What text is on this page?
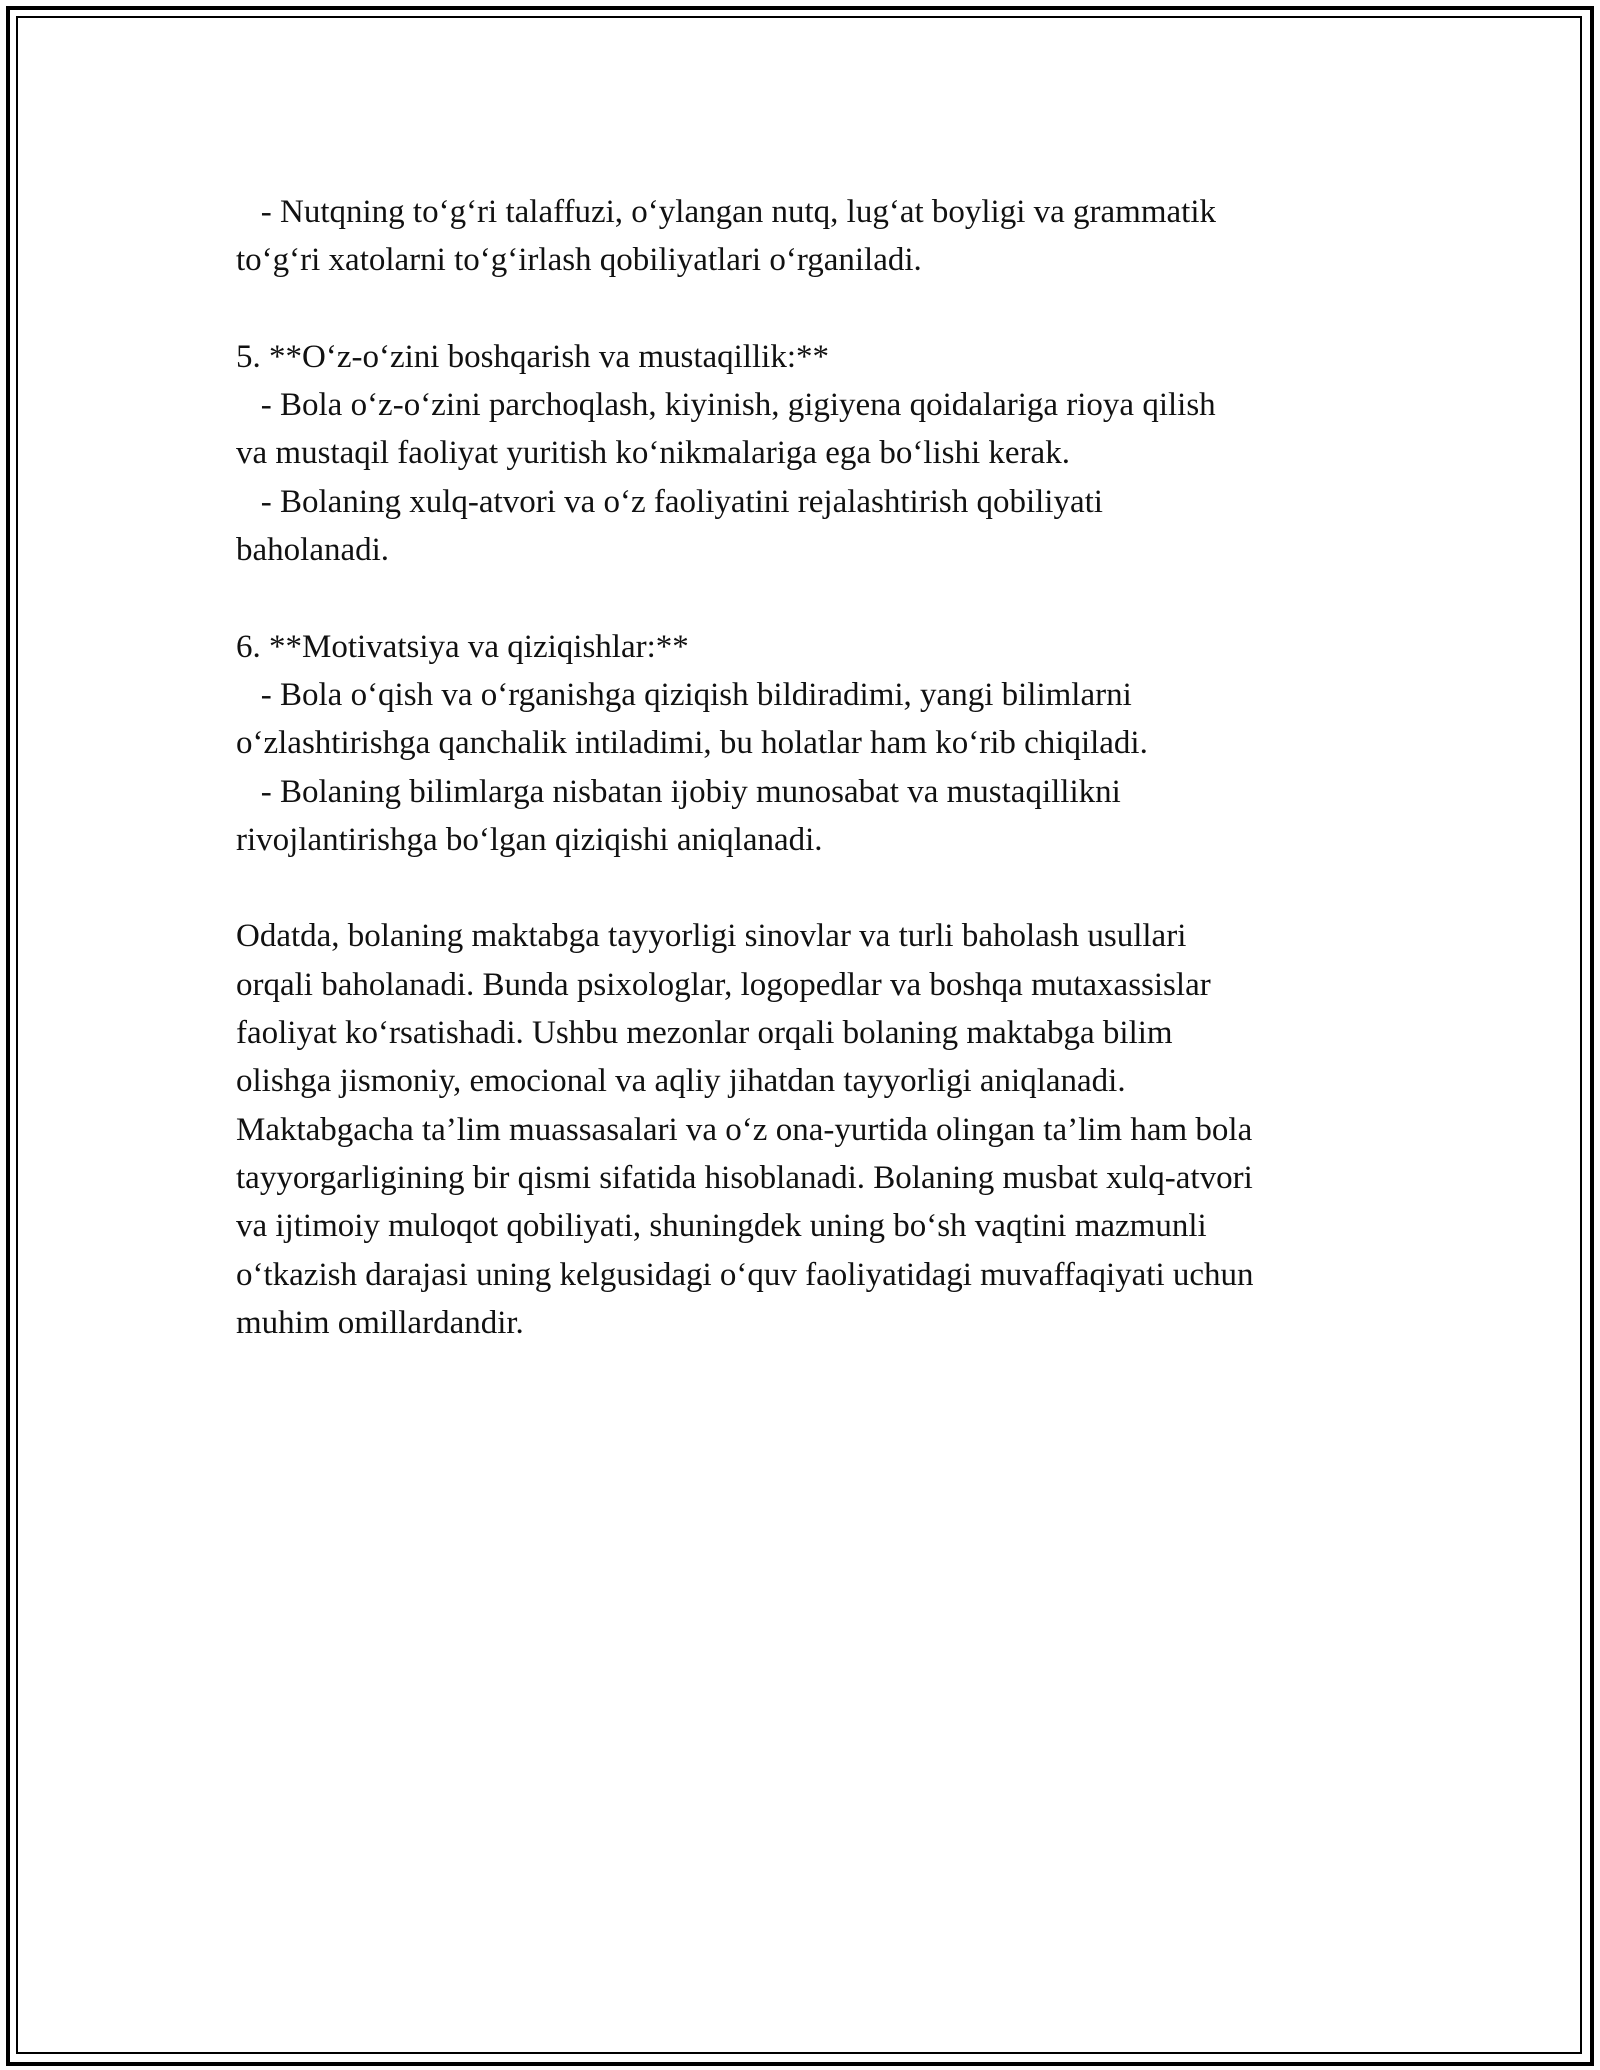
- Nutqning to‘g‘ri talaffuzi, o‘ylangan nutq, lug‘at boyligi va grammatik
to‘g‘ri xatolarni to‘g‘irlash qobiliyatlari o‘rganiladi.
5. **O‘z-o‘zini boshqarish va mustaqillik:**
- Bola o‘z-o‘zini parchoqlash, kiyinish, gigiyena qoidalariga rioya qilish
va mustaqil faoliyat yuritish ko‘nikmalariga ega bo‘lishi kerak.
- Bolaning xulq-atvori va o‘z faoliyatini rejalashtirish qobiliyati
baholanadi.
6. **Motivatsiya va qiziqishlar:**
- Bola o‘qish va o‘rganishga qiziqish bildiradimi, yangi bilimlarni
o‘zlashtirishga qanchalik intiladimi, bu holatlar ham ko‘rib chiqiladi.
- Bolaning bilimlarga nisbatan ijobiy munosabat va mustaqillikni
rivojlantirishga bo‘lgan qiziqishi aniqlanadi.
Odatda, bolaning maktabga tayyorligi sinovlar va turli baholash usullari
orqali baholanadi. Bunda psixologlar, logopedlar va boshqa mutaxassislar
faoliyat ko‘rsatishadi. Ushbu mezonlar orqali bolaning maktabga bilim
olishga jismoniy, emocional va aqliy jihatdan tayyorligi aniqlanadi.
Maktabgacha ta’lim muassasalari va o‘z ona-yurtida olingan ta’lim ham bola
tayyorgarligining bir qismi sifatida hisoblanadi. Bolaning musbat xulq-atvori
va ijtimoiy muloqot qobiliyati, shuningdek uning bo‘sh vaqtini mazmunli
o‘tkazish darajasi uning kelgusidagi o‘quv faoliyatidagi muvaffaqiyati uchun
muhim omillardandir.
